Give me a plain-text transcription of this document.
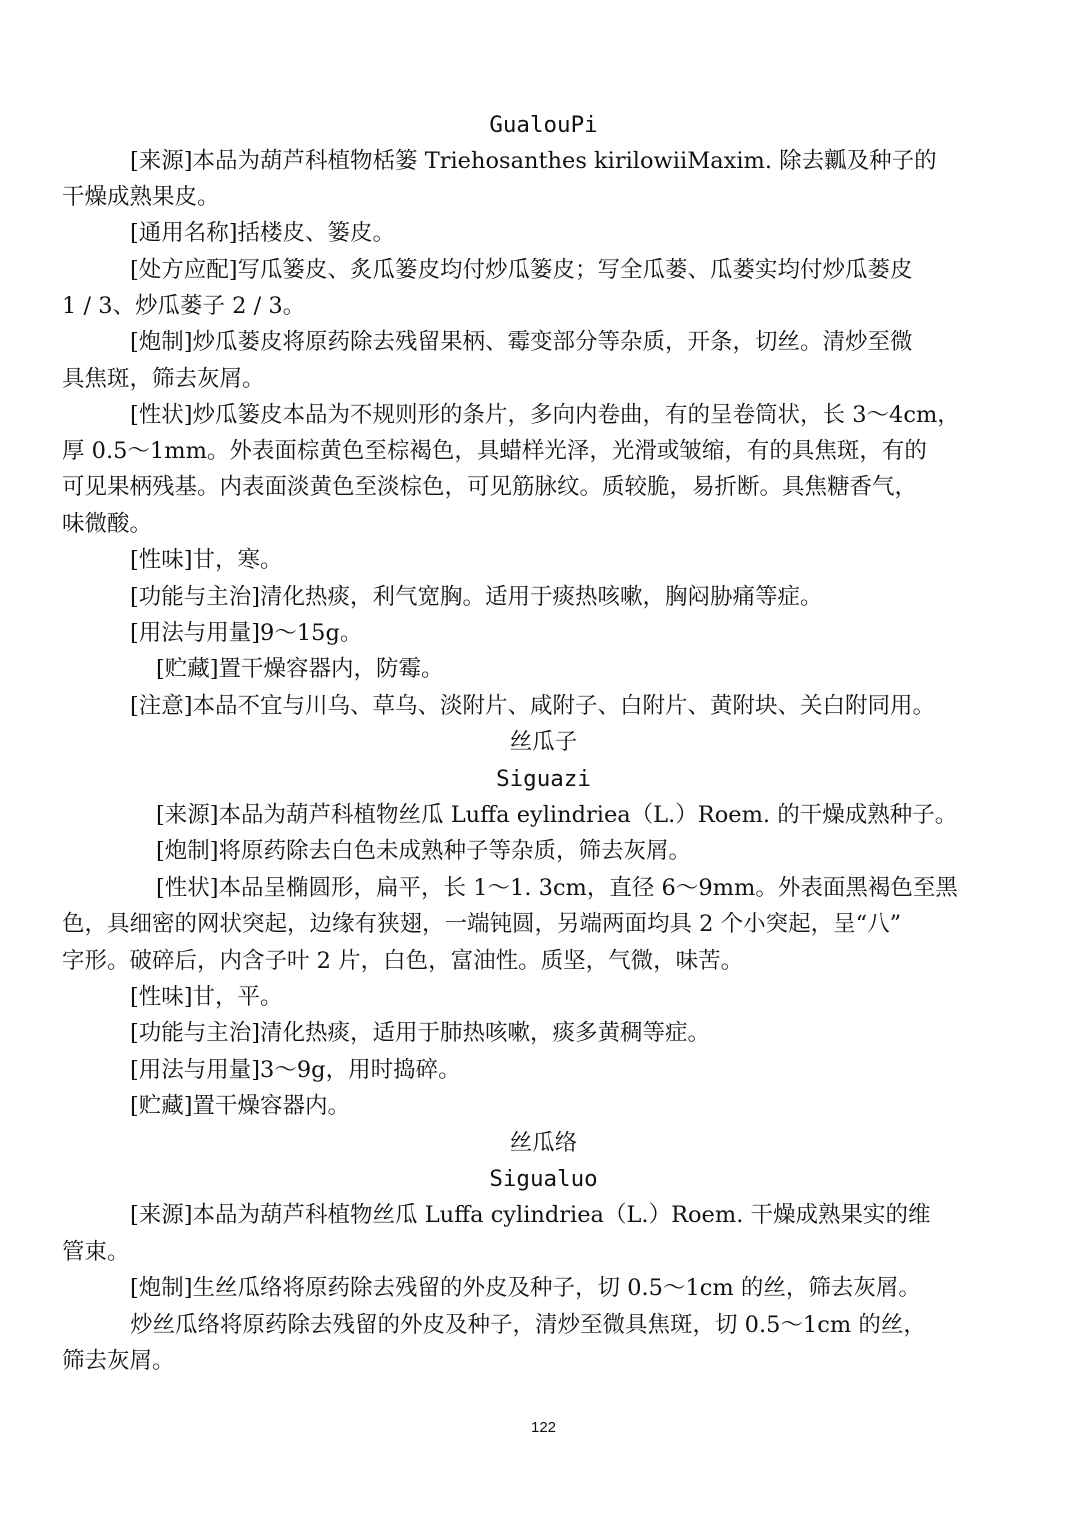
GualouPi
[来源]本品为葫芦科植物栝篓 Triehosanthes kirilowiiMaxim. 除去瓤及种子的
干燥成熟果皮。
[通用名称]括楼皮、篓皮。
[处方应配]写瓜篓皮、炙瓜篓皮均付炒瓜篓皮；写全瓜蒌、瓜蒌实均付炒瓜蒌皮
1 / 3、炒瓜蒌子 2 / 3。
[炮制]炒瓜蒌皮将原药除去残留果柄、霉变部分等杂质，开条，切丝。清炒至微
具焦斑，筛去灰屑。
[性状]炒瓜篓皮本品为不规则形的条片，多向内卷曲，有的呈卷筒状，长 3～4cm，
厚 0.5～1mm。外表面棕黄色至棕褐色，具蜡样光泽，光滑或皱缩，有的具焦斑，有的
可见果柄残基。内表面淡黄色至淡棕色，可见筋脉纹。质较脆，易折断。具焦糖香气，
味微酸。
[性味]甘，寒。
[功能与主治]清化热痰，利气宽胸。适用于痰热咳嗽，胸闷胁痛等症。
[用法与用量]9～15g。
[贮藏]置干燥容器内，防霉。
[注意]本品不宜与川乌、草乌、淡附片、咸附子、白附片、黄附块、关白附同用。
丝瓜子
Siguazi
[来源]本品为葫芦科植物丝瓜 Luffa eylindriea（L.）Roem. 的干燥成熟种子。
[炮制]将原药除去白色未成熟种子等杂质，筛去灰屑。
[性状]本品呈椭圆形，扁平，长 1～1. 3cm，直径 6～9mm。外表面黑褐色至黑
色，具细密的网状突起，边缘有狭翅，一端钝圆，另端两面均具 2 个小突起，呈“八”
字形。破碎后，内含子叶 2 片，白色，富油性。质坚，气微，味苦。
[性味]甘，平。
[功能与主治]清化热痰，适用于肺热咳嗽，痰多黄稠等症。
[用法与用量]3～9g，用时捣碎。
[贮藏]置干燥容器内。
丝瓜络
Sigualuo
[来源]本品为葫芦科植物丝瓜 Luffa cylindriea（L.）Roem. 干燥成熟果实的维
管束。
[炮制]生丝瓜络将原药除去残留的外皮及种子，切 0.5～1cm 的丝，筛去灰屑。
炒丝瓜络将原药除去残留的外皮及种子，清炒至微具焦斑，切 0.5～1cm 的丝，
筛去灰屑。
122
